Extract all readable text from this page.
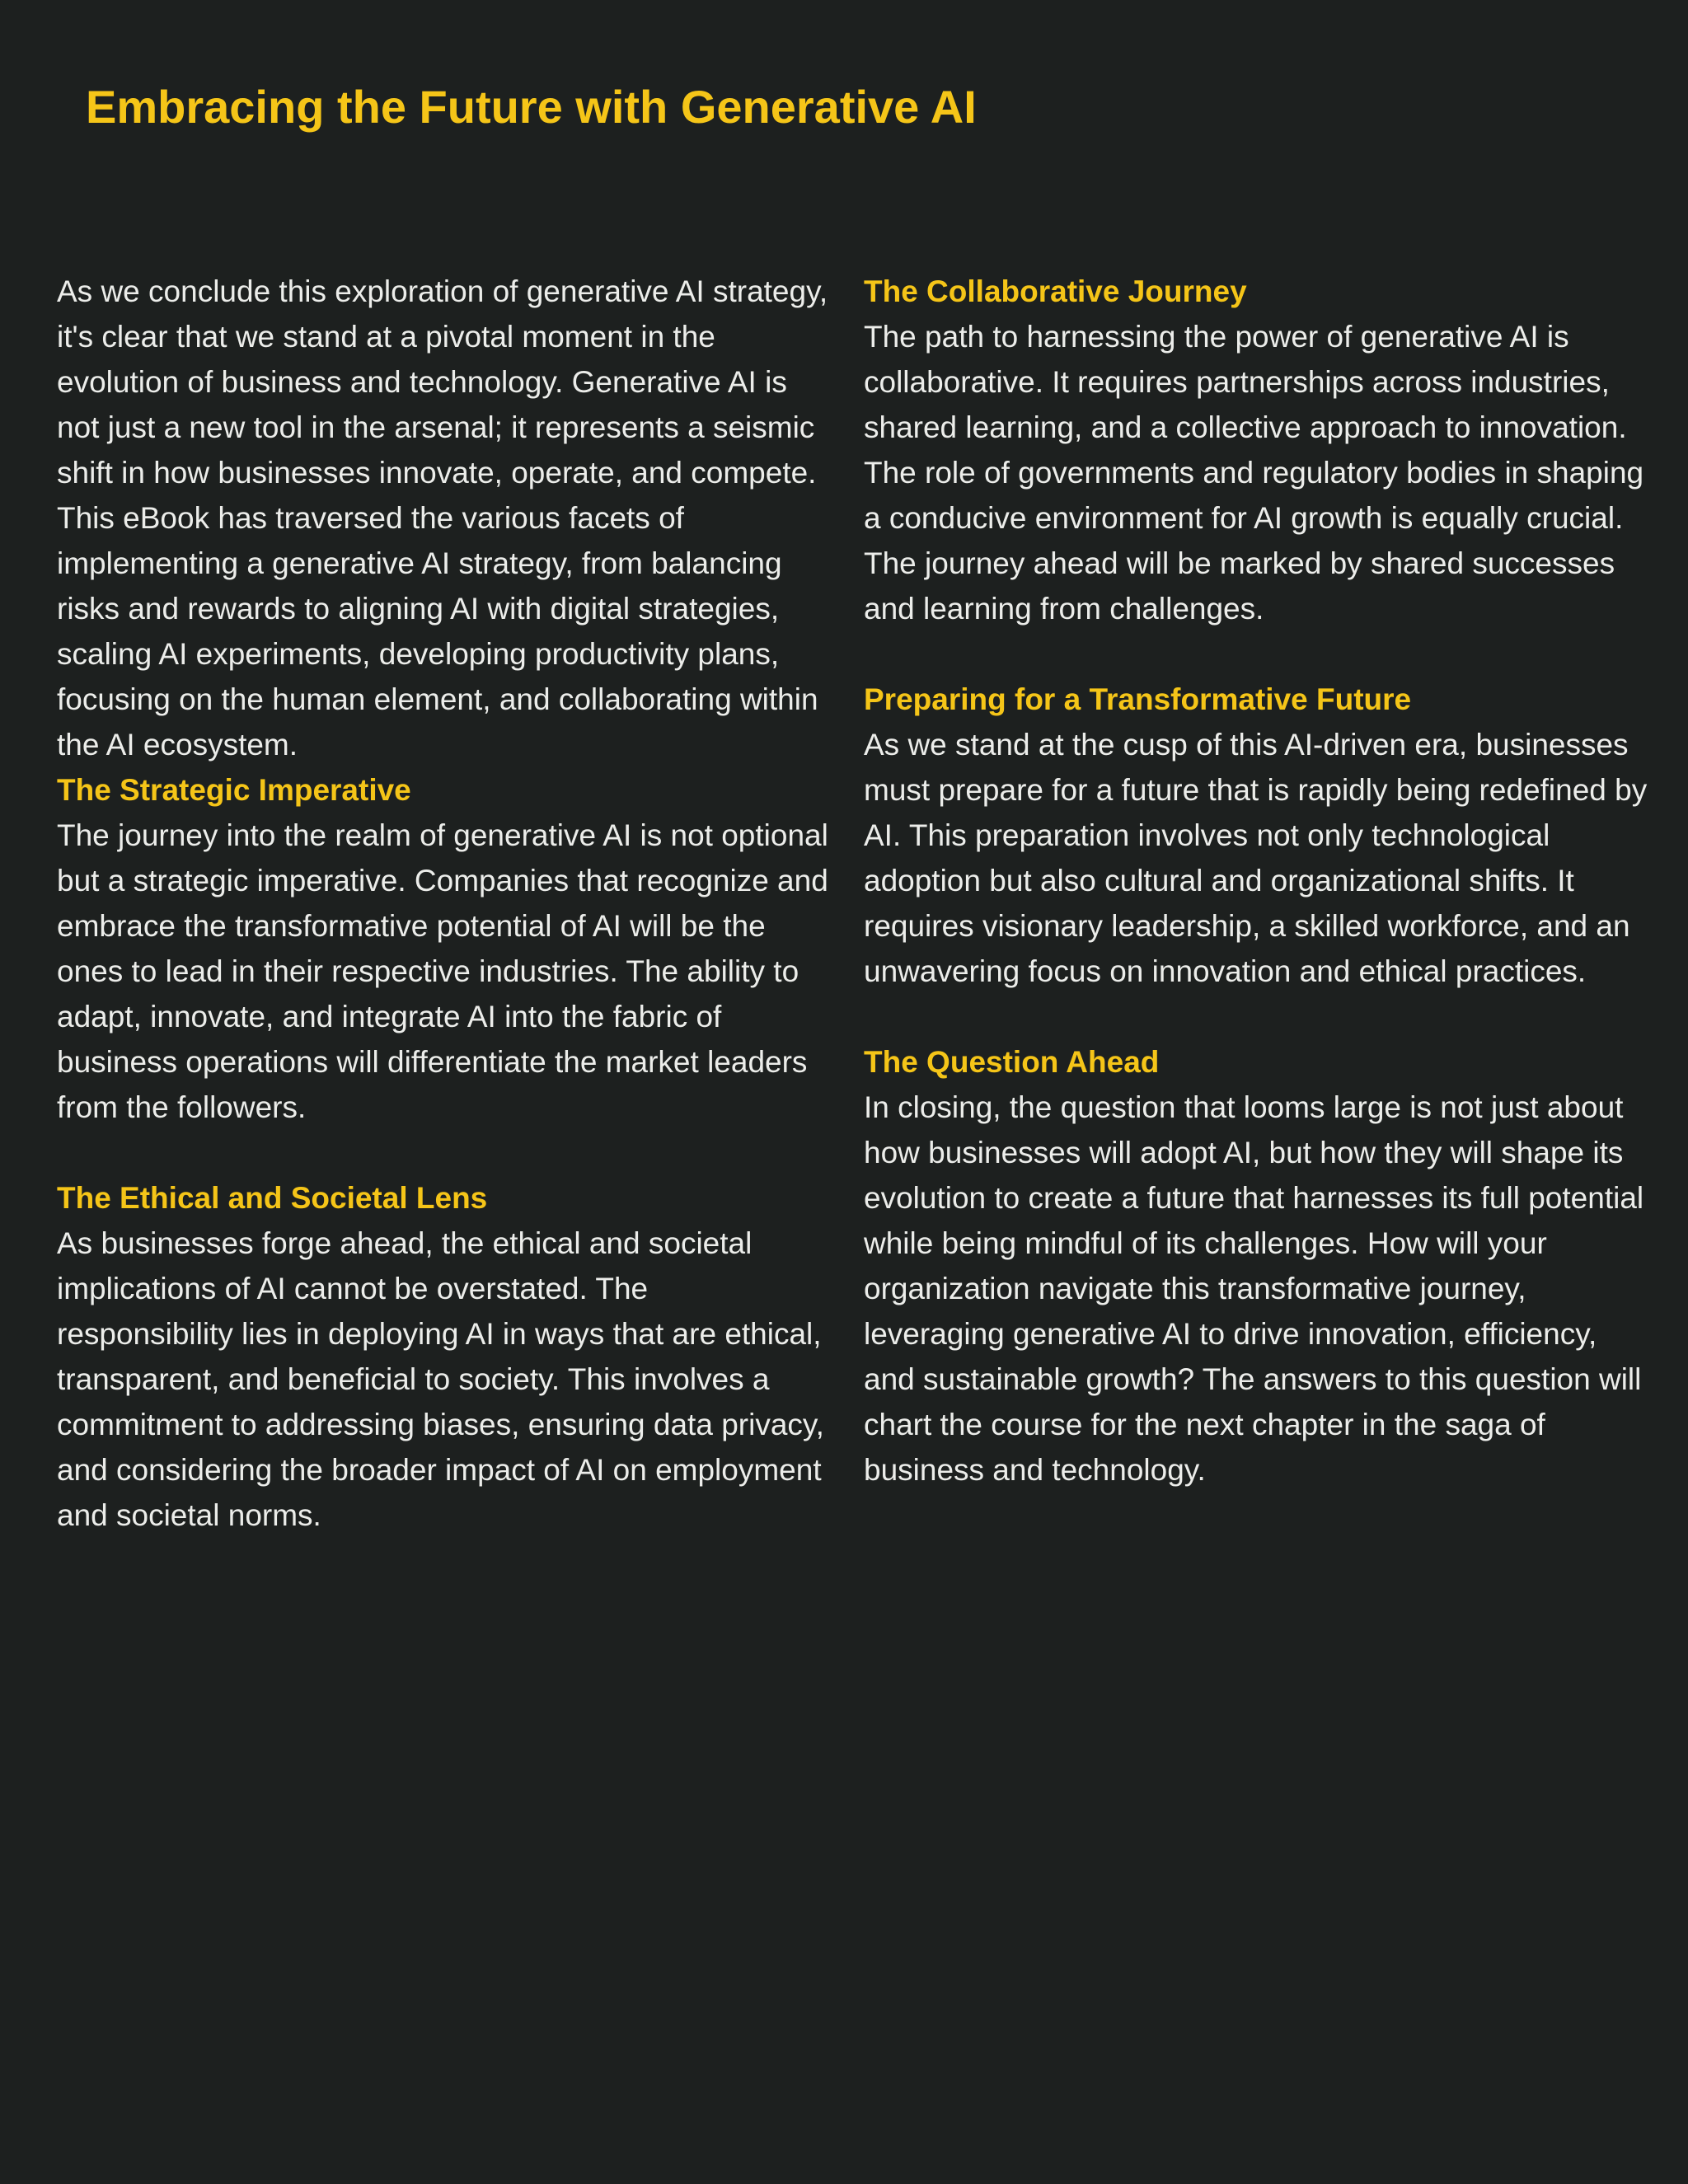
Embracing the Future with Generative AI

As we conclude this exploration of generative AI strategy, it's clear that we stand at a pivotal moment in the evolution of business and technology. Generative AI is not just a new tool in the arsenal; it represents a seismic shift in how businesses innovate, operate, and compete. This eBook has traversed the various facets of implementing a generative AI strategy, from balancing risks and rewards to aligning AI with digital strategies, scaling AI experiments, developing productivity plans, focusing on the human element, and collaborating within the AI ecosystem.

The Strategic Imperative

The journey into the realm of generative AI is not optional but a strategic imperative. Companies that recognize and embrace the transformative potential of AI will be the ones to lead in their respective industries. The ability to adapt, innovate, and integrate AI into the fabric of business operations will differentiate the market leaders from the followers.

The Ethical and Societal Lens

As businesses forge ahead, the ethical and societal implications of AI cannot be overstated. The responsibility lies in deploying AI in ways that are ethical, transparent, and beneficial to society. This involves a commitment to addressing biases, ensuring data privacy, and considering the broader impact of AI on employment and societal norms.

The Collaborative Journey

The path to harnessing the power of generative AI is collaborative. It requires partnerships across industries, shared learning, and a collective approach to innovation. The role of governments and regulatory bodies in shaping a conducive environment for AI growth is equally crucial. The journey ahead will be marked by shared successes and learning from challenges.

Preparing for a Transformative Future

As we stand at the cusp of this AI-driven era, businesses must prepare for a future that is rapidly being redefined by AI. This preparation involves not only technological adoption but also cultural and organizational shifts. It requires visionary leadership, a skilled workforce, and an unwavering focus on innovation and ethical practices.

The Question Ahead

In closing, the question that looms large is not just about how businesses will adopt AI, but how they will shape its evolution to create a future that harnesses its full potential while being mindful of its challenges. How will your organization navigate this transformative journey, leveraging generative AI to drive innovation, efficiency, and sustainable growth? The answers to this question will chart the course for the next chapter in the saga of business and technology.
